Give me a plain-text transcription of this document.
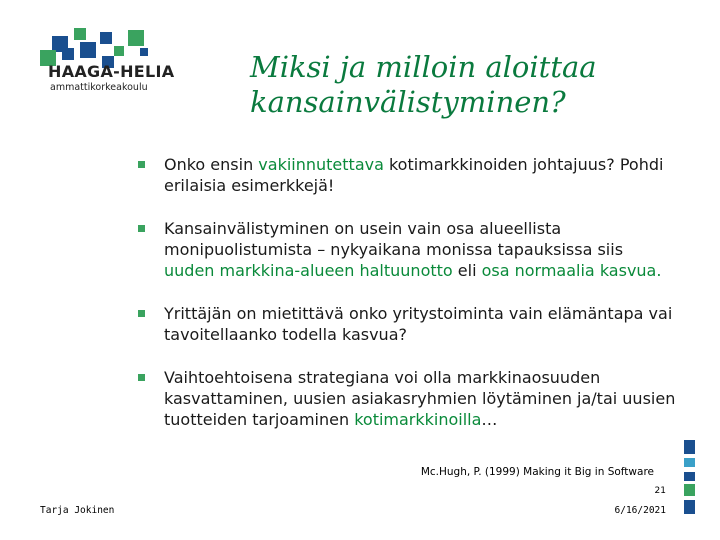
HAAGA-HELIA
ammattikorkeakoulu
Miksi ja milloin aloittaa
kansainvälistyminen?
Onko ensin vakiinnutettava kotimarkkinoiden johtajuus? Pohdi erilaisia esimerkkejä!
Kansainvälistyminen on usein vain osa alueellista monipuolistumista – nykyaikana monissa tapauksissa siis uuden markkina-alueen haltuunotto eli osa normaalia kasvua.
Yrittäjän on mietittävä onko yritystoiminta vain elämäntapa vai tavoitellaanko todella kasvua?
Vaihtoehtoisena strategiana voi olla markkinaosuuden kasvattaminen, uusien asiakasryhmien löytäminen ja/tai uusien tuotteiden tarjoaminen kotimarkkinoilla…
Mc.Hugh, P. (1999) Making it Big in Software
21
Tarja Jokinen	6/16/2021
